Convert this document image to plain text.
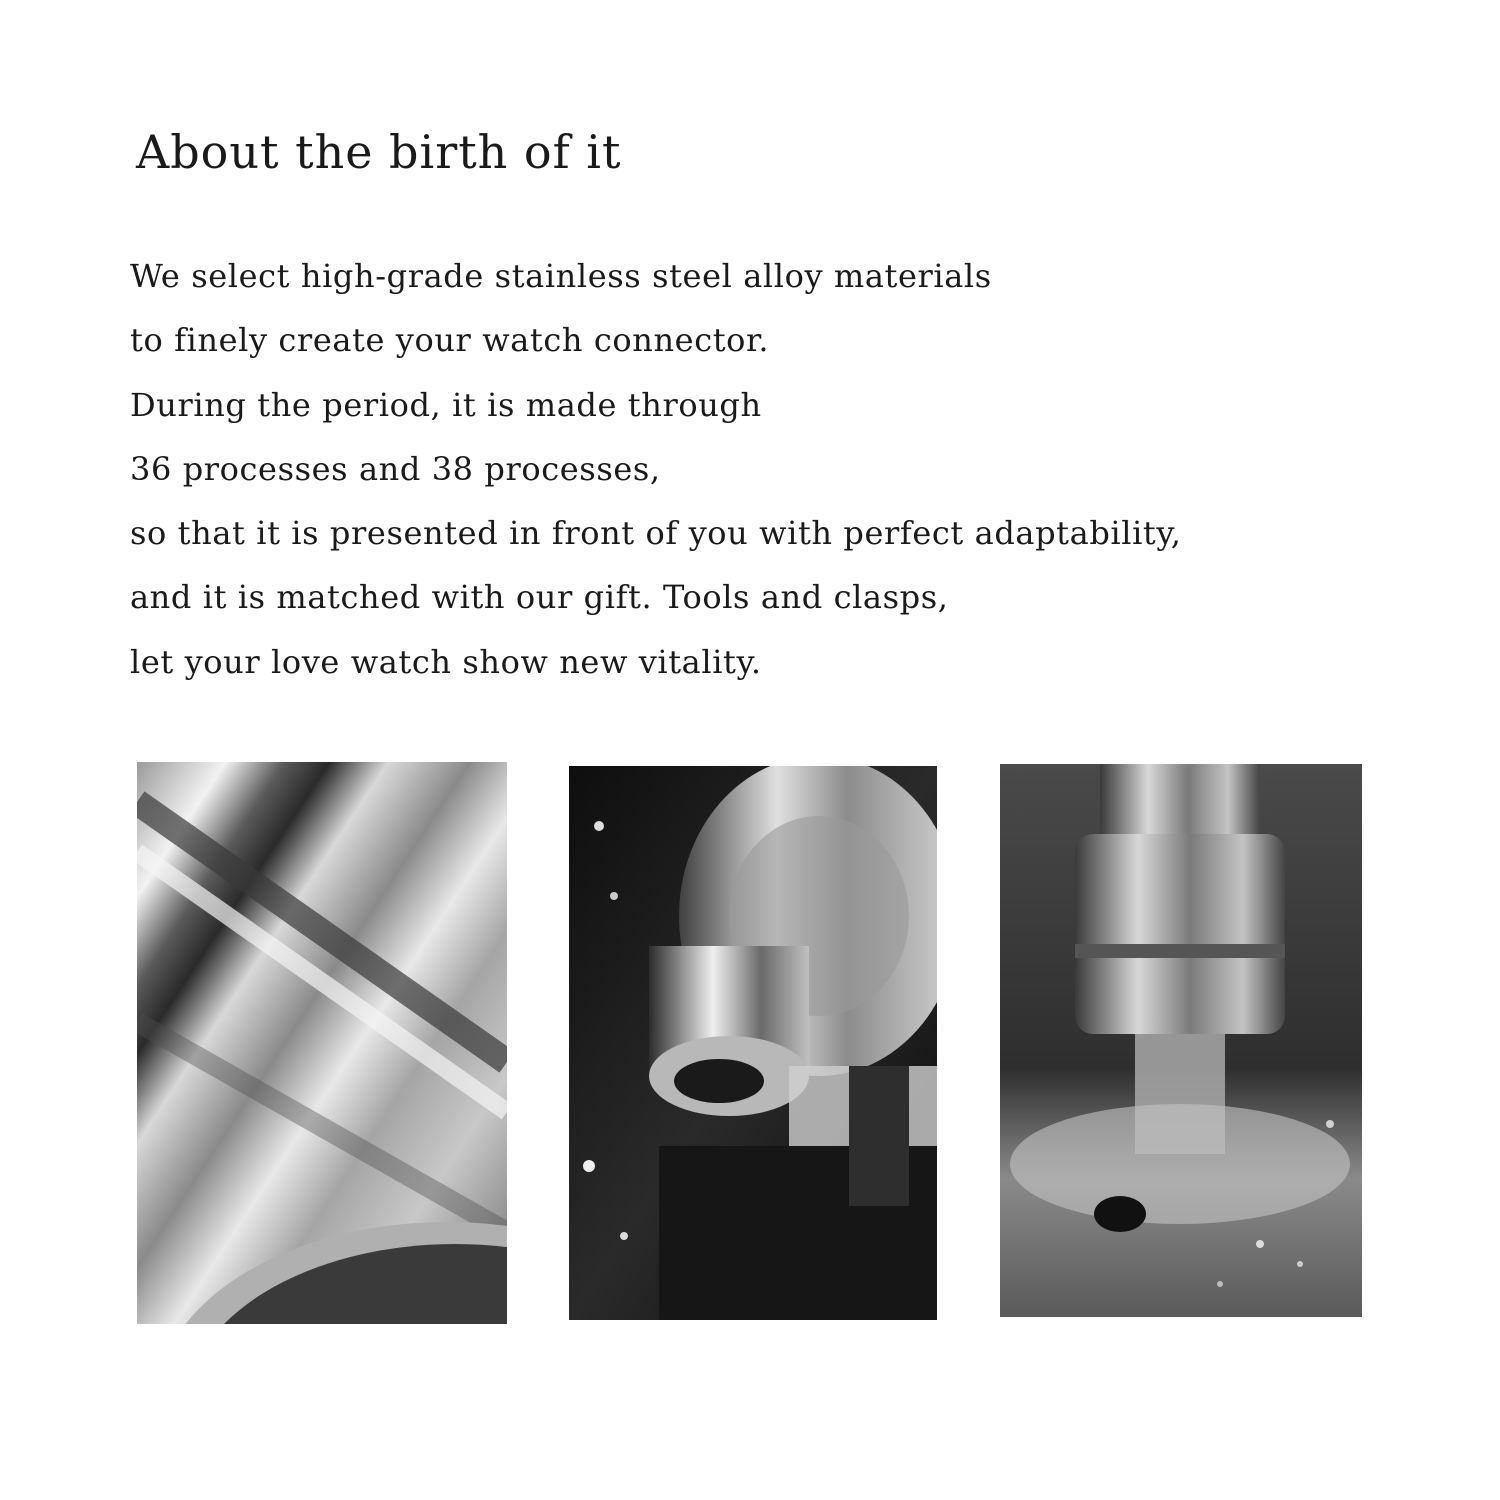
About the birth of it
We select high-grade stainless steel alloy materials
to finely create your watch connector.
During the period, it is made through
36 processes and 38 processes,
so that it is presented in front of you with perfect adaptability,
and it is matched with our gift. Tools and clasps,
let your love watch show new vitality.
